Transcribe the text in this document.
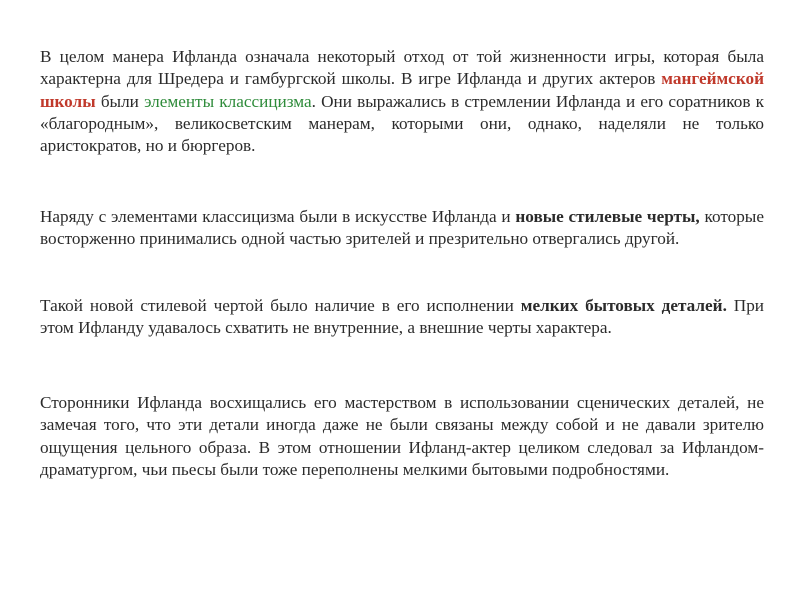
В целом манера Ифланда означала некоторый отход от той жизненности игры, которая была характерна для Шредера и гамбургской школы. В игре Ифланда и других актеров мангеймской школы были элементы классицизма. Они выражались в стремлении Ифланда и его соратников к «благородным», великосветским манерам, которыми они, однако, наделяли не только аристократов, но и бюргеров.

Наряду с элементами классицизма были в искусстве Ифланда и новые стилевые черты, которые восторженно принимались одной частью зрителей и презрительно отвергались другой.

Такой новой стилевой чертой было наличие в его исполнении мелких бытовых деталей. При этом Ифланду удавалось схватить не внутренние, а внешние черты характера.

Сторонники Ифланда восхищались его мастерством в использовании сценических деталей, не замечая того, что эти детали иногда даже не были связаны между собой и не давали зрителю ощущения цельного образа. В этом отношении Ифланд-актер целиком следовал за Ифландом-драматургом, чьи пьесы были тоже переполнены мелкими бытовыми подробностями.
